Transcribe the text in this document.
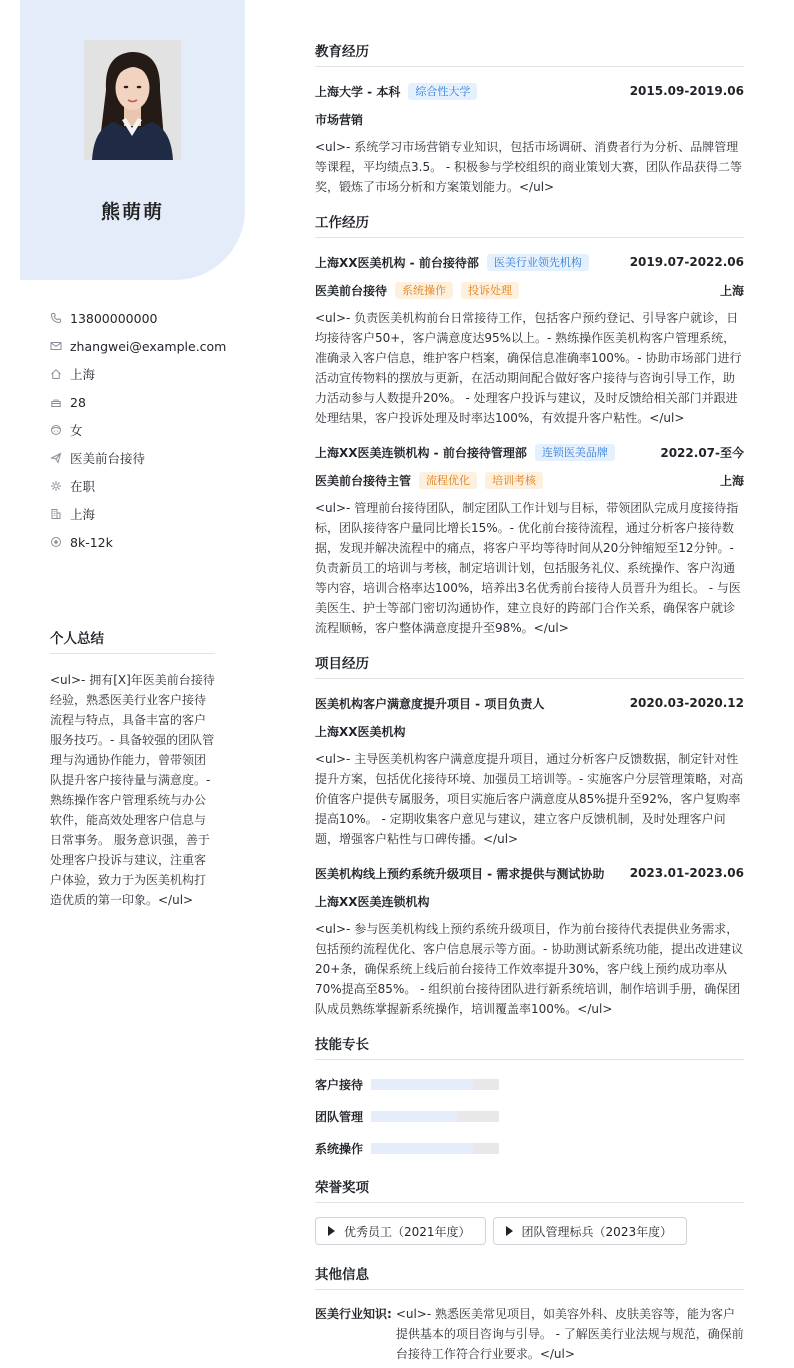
熊萌萌
13800000000
zhangwei@example.com
上海
28
女
医美前台接待
在职
上海
8k-12k
个人总结
<ul>- 拥有[X]年医美前台接待经验，熟悉医美行业客户接待流程与特点，具备丰富的客户服务技巧。- 具备较强的团队管理与沟通协作能力，曾带领团队提升客户接待量与满意度。- 熟练操作客户管理系统与办公软件，能高效处理客户信息与日常事务。 服务意识强，善于处理客户投诉与建议，注重客户体验，致力于为医美机构打造优质的第一印象。</ul>
教育经历
上海大学 - 本科	综合性大学	2015.09-2019.06
市场营销
<ul>- 系统学习市场营销专业知识，包括市场调研、消费者行为分析、品牌管理等课程，平均绩点3.5。 - 积极参与学校组织的商业策划大赛，团队作品获得二等奖，锻炼了市场分析和方案策划能力。</ul>
工作经历
上海XX医美机构 - 前台接待部	医美行业领先机构	2019.07-2022.06
医美前台接待	系统操作	投诉处理	上海
<ul>- 负责医美机构前台日常接待工作，包括客户预约登记、引导客户就诊，日均接待客户50+，客户满意度达95%以上。- 熟练操作医美机构客户管理系统，准确录入客户信息，维护客户档案，确保信息准确率100%。- 协助市场部门进行活动宣传物料的摆放与更新，在活动期间配合做好客户接待与咨询引导工作，助力活动参与人数提升20%。 - 处理客户投诉与建议，及时反馈给相关部门并跟进处理结果，客户投诉处理及时率达100%，有效提升客户粘性。</ul>
上海XX医美连锁机构 - 前台接待管理部	连锁医美品牌	2022.07-至今
医美前台接待主管	流程优化	培训考核	上海
<ul>- 管理前台接待团队，制定团队工作计划与目标，带领团队完成月度接待指标，团队接待客户量同比增长15%。- 优化前台接待流程，通过分析客户接待数据，发现并解决流程中的痛点，将客户平均等待时间从20分钟缩短至12分钟。- 负责新员工的培训与考核，制定培训计划，包括服务礼仪、系统操作、客户沟通等内容，培训合格率达100%，培养出3名优秀前台接待人员晋升为组长。 - 与医美医生、护士等部门密切沟通协作，建立良好的跨部门合作关系，确保客户就诊流程顺畅，客户整体满意度提升至98%。</ul>
项目经历
医美机构客户满意度提升项目 - 项目负责人	2020.03-2020.12
上海XX医美机构
<ul>- 主导医美机构客户满意度提升项目，通过分析客户反馈数据，制定针对性提升方案，包括优化接待环境、加强员工培训等。- 实施客户分层管理策略，对高价值客户提供专属服务，项目实施后客户满意度从85%提升至92%，客户复购率提高10%。 - 定期收集客户意见与建议，建立客户反馈机制，及时处理客户问题，增强客户粘性与口碑传播。</ul>
医美机构线上预约系统升级项目 - 需求提供与测试协助 2023.01-2023.06
上海XX医美连锁机构
<ul>- 参与医美机构线上预约系统升级项目，作为前台接待代表提供业务需求，包括预约流程优化、客户信息展示等方面。- 协助测试新系统功能，提出改进建议20+条，确保系统上线后前台接待工作效率提升30%，客户线上预约成功率从70%提高至85%。 - 组织前台接待团队进行新系统培训，制作培训手册，确保团队成员熟练掌握新系统操作，培训覆盖率100%。</ul>
技能专长
客户接待
团队管理
系统操作
荣誉奖项
优秀员工（2021年度）	团队管理标兵（2023年度）
其他信息
医美行业知识: <ul>- 熟悉医美常见项目，如美容外科、皮肤美容等，能为客户提供基本的项目咨询与引导。 - 了解医美行业法规与规范，确保前台接待工作符合行业要求。</ul>
